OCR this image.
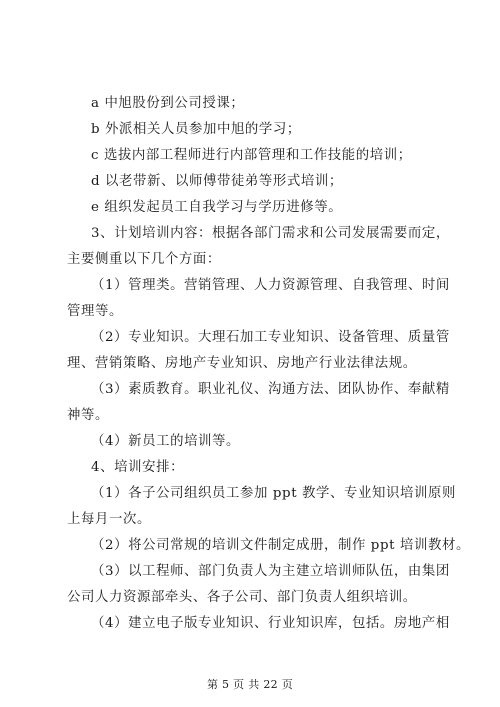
a 中旭股份到公司授课；
b 外派相关人员参加中旭的学习；
c 选拔内部工程师进行内部管理和工作技能的培训；
d 以老带新、以师傅带徒弟等形式培训；
e 组织发起员工自我学习与学历进修等。
3、计划培训内容：根据各部门需求和公司发展需要而定，
主要侧重以下几个方面：
（1）管理类。营销管理、人力资源管理、自我管理、时间
管理等。
（2）专业知识。大理石加工专业知识、设备管理、质量管
理、营销策略、房地产专业知识、房地产行业法律法规。
（3）素质教育。职业礼仪、沟通方法、团队协作、奉献精
神等。
（4）新员工的培训等。
4、培训安排：
（1）各子公司组织员工参加 ppt 教学、专业知识培训原则
上每月一次。
（2）将公司常规的培训文件制定成册，制作 ppt 培训教材。
（3）以工程师、部门负责人为主建立培训师队伍，由集团
公司人力资源部牵头、各子公司、部门负责人组织培训。
（4）建立电子版专业知识、行业知识库，包括。房地产相
第 5 页 共 22 页
